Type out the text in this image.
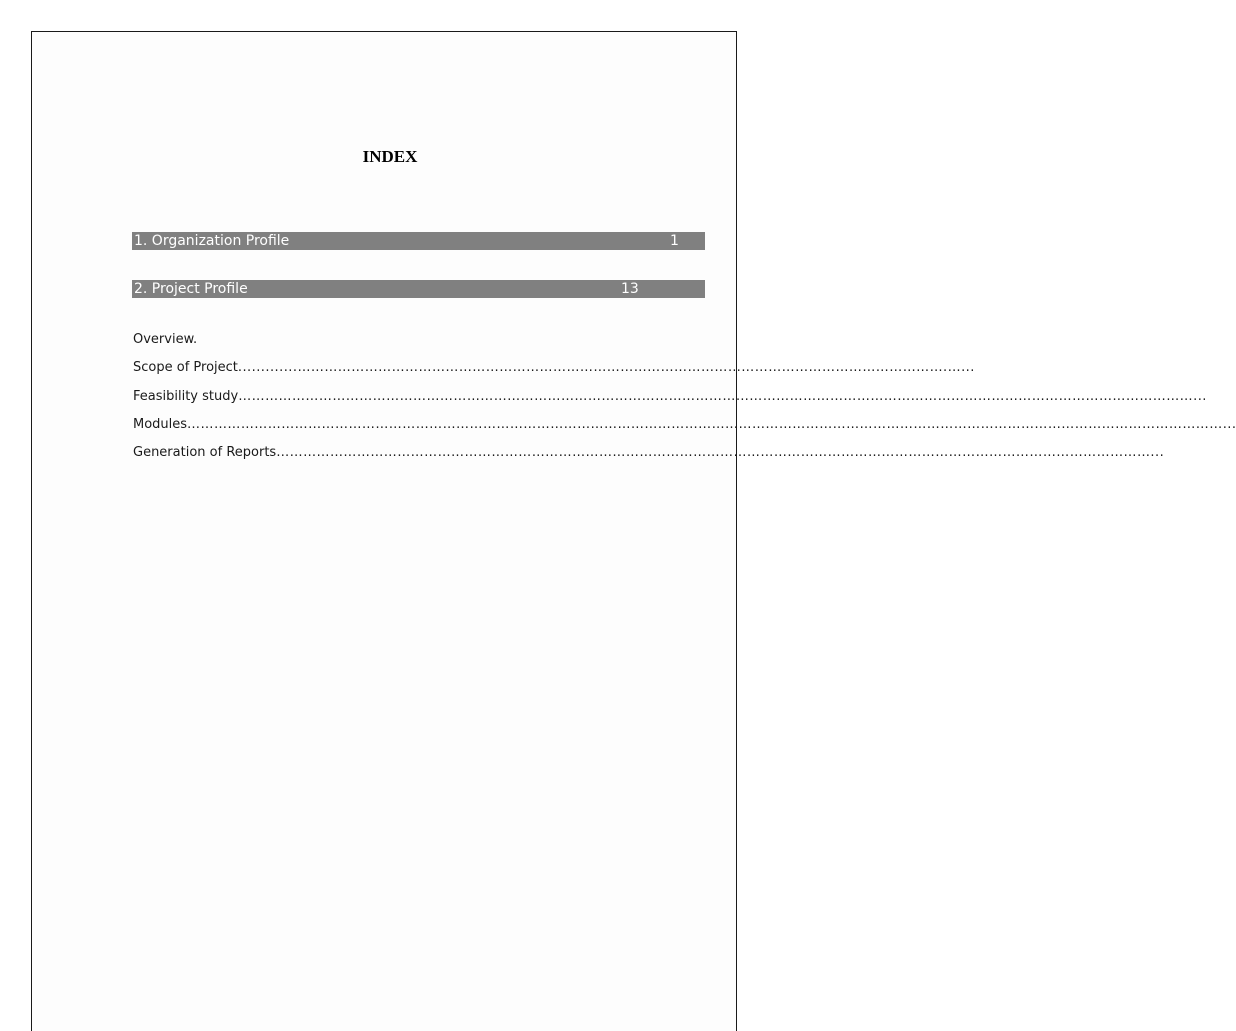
INDEX
1. Organization Profile	1
2. Project Profile	13
Overview.
Scope of Project.............……………………………………………………………………………………………………………………………….…...
Feasibility study……………………………………………………………………………………………………………………………………………………………………………………………...
Modules……………………………………………………………………………………………………………………………………………………………………………………………………………...
Generation of Reports……………………………………………………………………………………………………………………………………………………………………………...
